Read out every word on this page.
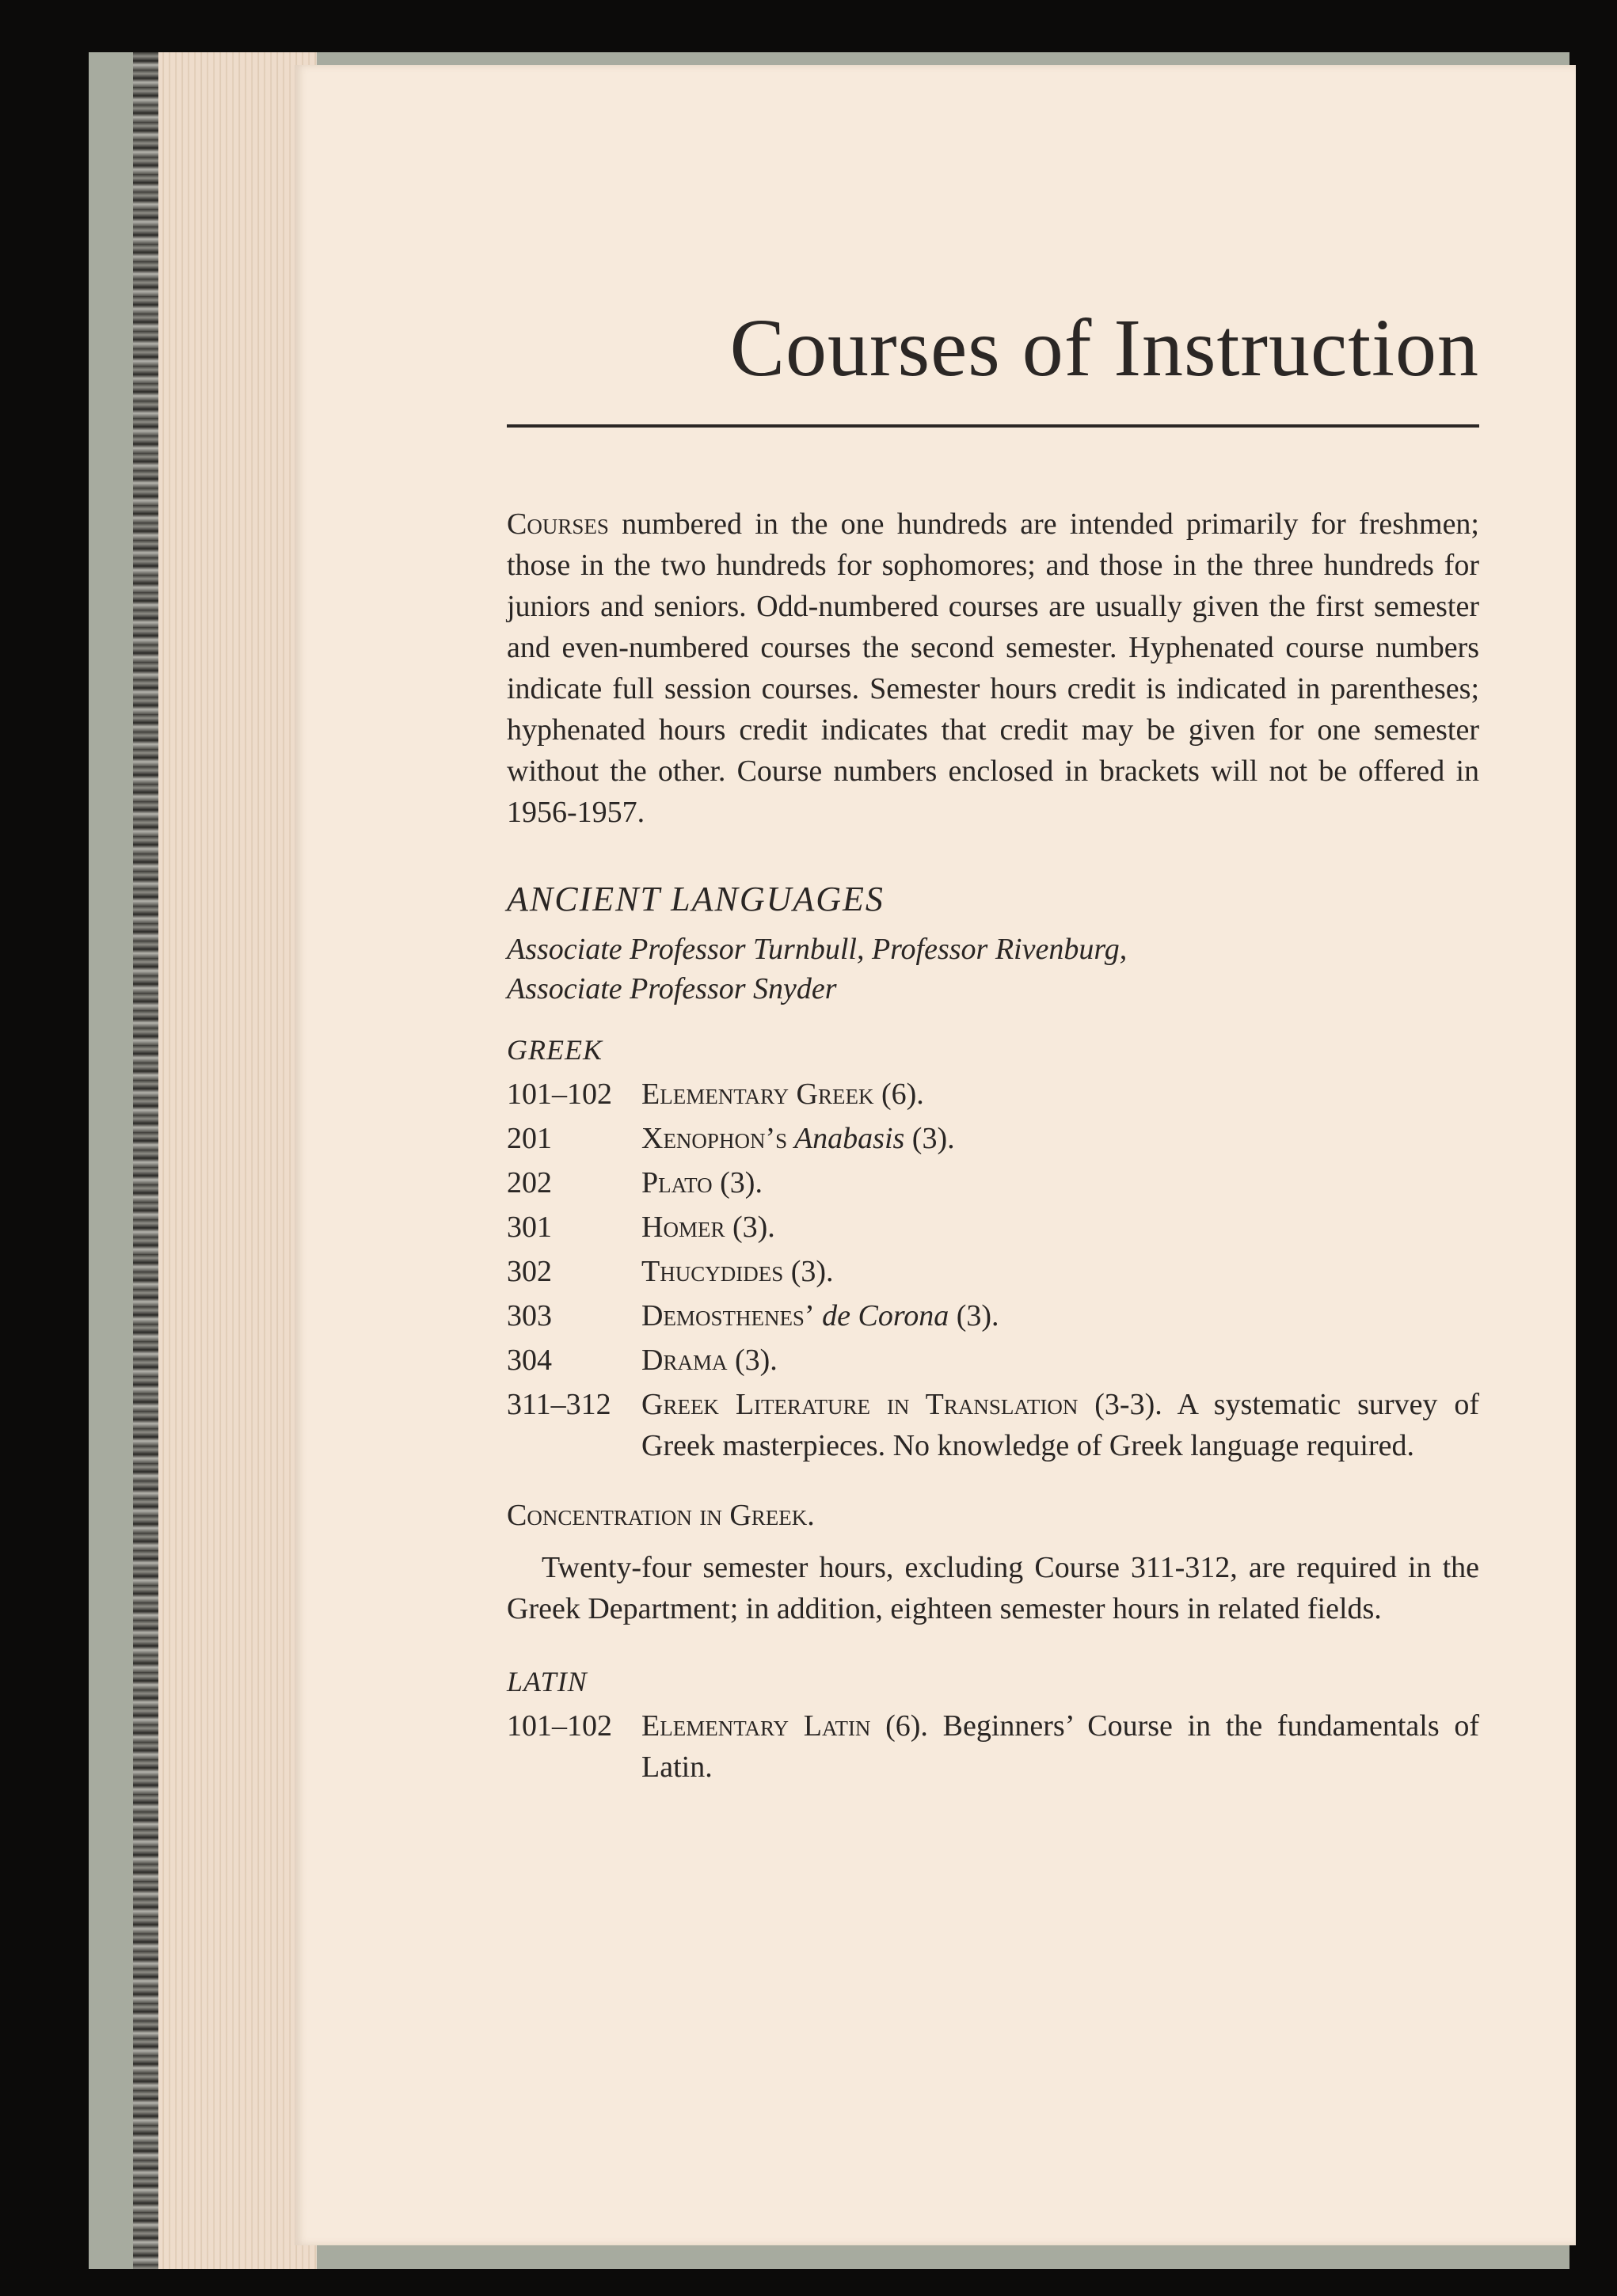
Courses of Instruction

Courses numbered in the one hundreds are intended primarily for freshmen; those in the two hundreds for sophomores; and those in the three hundreds for juniors and seniors. Odd-numbered courses are usually given the first semester and even-numbered courses the second semester. Hyphenated course numbers indicate full session courses. Semester hours credit is indicated in parentheses; hyphenated hours credit indicates that credit may be given for one semester without the other. Course numbers enclosed in brackets will not be offered in 1956-1957.

ANCIENT LANGUAGES
Associate Professor Turnbull, Professor Rivenburg,
Associate Professor Snyder
GREEK
101–102 Elementary Greek (6).
201	Xenophon’s Anabasis (3).
202	Plato (3).
301	Homer (3).
302	Thucydides (3).
303	Demosthenes’ de Corona (3).
304	Drama (3).
311–312	Greek Literature in Translation (3-3). A systematic survey of Greek masterpieces. No knowledge of Greek language required.
Concentration in Greek.

Twenty-four semester hours, excluding Course 311-312, are required in the Greek Department; in addition, eighteen semester hours in related fields.

LATIN
101–102 Elementary Latin (6). Beginners’ Course in the fundamentals of Latin.
